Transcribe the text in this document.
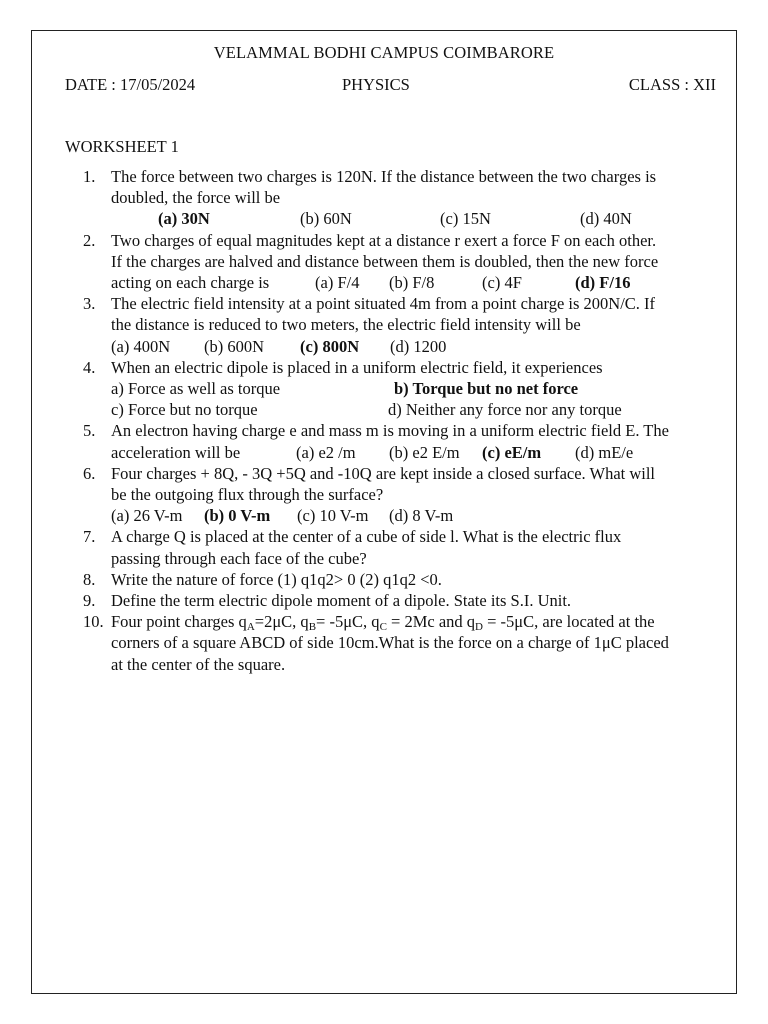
VELAMMAL BODHI CAMPUS COIMBARORE
DATE : 17/05/2024	PHYSICS	CLASS : XII
WORKSHEET 1
1. The force between two charges is 120N. If the distance between the two charges is
doubled, the force will be
(a) 30N	(b) 60N	(c) 15N	(d) 40N
2. Two charges of equal magnitudes kept at a distance r exert a force F on each other.
If the charges are halved and distance between them is doubled, then the new force
acting on each charge is	(a) F/4 (b) F/8	(c) 4F	(d) F/16
3. The electric field intensity at a point situated 4m from a point charge is 200N/C. If
the distance is reduced to two meters, the electric field intensity will be
(a) 400N (b) 600N (c) 800N (d) 1200
4. When an electric dipole is placed in a uniform electric field, it experiences
a) Force as well as torque	b) Torque but no net force
c) Force but no torque	d) Neither any force nor any torque
5. An electron having charge e and mass m is moving in a uniform electric field E. The
acceleration will be	(a) e2 /m (b) e2 E/m (c) eE/m (d) mE/e
6. Four charges + 8Q, - 3Q +5Q and -10Q are kept inside a closed surface. What will
be the outgoing flux through the surface?
(a) 26 V-m (b) 0 V-m (c) 10 V-m (d) 8 V-m
7. A charge Q is placed at the center of a cube of side l. What is the electric flux
passing through each face of the cube?
8. Write the nature of force (1) q1q2> 0 (2) q1q2 <0.
9. Define the term electric dipole moment of a dipole. State its S.I. Unit.
10. Four point charges $q_A=2\mu C$, $q_B= -5\mu C$, $q_C = 2Mc$ and $q_D = -5\mu C$, are located at the
corners of a square ABCD of side 10cm.What is the force on a charge of 1μC placed
at the center of the square.
